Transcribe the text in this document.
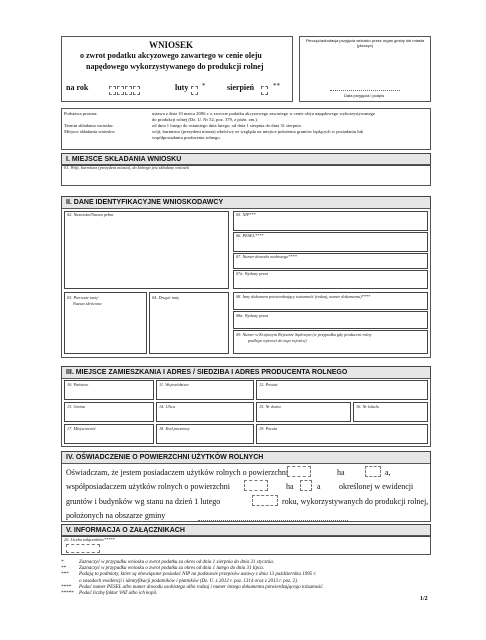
WNIOSEK
o zwrot podatku akcyzowego zawartego w cenie oleju
napędowego wykorzystywanego do produkcji rolnej
na rok	luty *	sierpień	**
Pieczęć/adnotacja przyjęcia wniosku przez organ gminy lub miasta (pieczęć)
Data przyjęcia i podpis
Podstawa prawna:	ustawa z dnia 10 marca 2006 r. o zwrocie podatku akcyzowego zawartego w cenie oleju napędowego wykorzystywanego
do produkcji rolnej (Dz. U. Nr 52, poz. 379, z późn. zm.).
Termin składania wniosku:	od dnia 1 lutego do ostatniego dnia lutego; od dnia 1 sierpnia do dnia 31 sierpnia.
Miejsce składania wniosku:	wójt, burmistrz (prezydent miasta) właściwy ze względu na miejsce położenia gruntów będących w posiadaniu lub
współposiadaniu producenta rolnego.
I. MIEJSCE SKŁADANIA WNIOSKU
01. Wójt, burmistrz (prezydent miasta), do którego jest składany wniosek
II. DANE IDENTYFIKACYJNE WNIOSKODAWCY
02. Nazwisko/Nazwa pełna	05. NIP***
06. PESEL****
07. Numer dowodu osobistego****
07a. Wydany przez
03. Pierwsze imię/
Nazwa skrócona
04. Drugie imię	08. Inny dokument potwierdzający tożsamość (rodzaj, numer dokumentu)****
08a. Wydany przez
09. Numer w Krajowym Rejestrze Sądowym (w przypadku gdy producent rolny
podlega wpisowi do tego rejestru)
III. MIEJSCE ZAMIESZKANIA I ADRES / SIEDZIBA I ADRES PRODUCENTA ROLNEGO
10. Państwo	11. Województwo	12. Powiat
13. Gmina	14. Ulica	15. Nr domu	16. Nr lokalu
17. Miejscowość	18. Kod pocztowy	19. Poczta
IV. OŚWIADCZENIE O POWIERZCHNI UŻYTKÓW ROLNYCH
Oświadczam, że jestem posiadaczem użytków rolnych o powierzchni	ha	a,
współposiadaczem użytków rolnych o powierzchni	ha	a określonej w ewidencji
gruntów i budynków wg stanu na dzień 1 lutego	roku, wykorzystywanych do produkcji rolnej,
położonych na obszarze gminy
V. INFORMACJA O ZAŁĄCZNIKACH
20. Liczba załączników*****
*	Zaznaczyć w przypadku wniosku o zwrot podatku za okres od dnia 1 sierpnia do dnia 31 stycznia.
**	Zaznaczyć w przypadku wniosku o zwrot podatku za okres od dnia 1 lutego do dnia 31 lipca.
***	Podają to podmioty, które są obowiązane posiadać NIP na podstawie przepisów ustawy z dnia 13 października 1995 r.
o zasadach ewidencji i identyfikacji podatników i płatników (Dz. U. z 2012 r. poz. 1314 oraz z 2013 r. poz. 2).
****	Podać numer PESEL albo numer dowodu osobistego albo rodzaj i numer innego dokumentu potwierdzającego tożsamość.
*****	Podać liczbę faktur VAT albo ich kopii.
1/2
